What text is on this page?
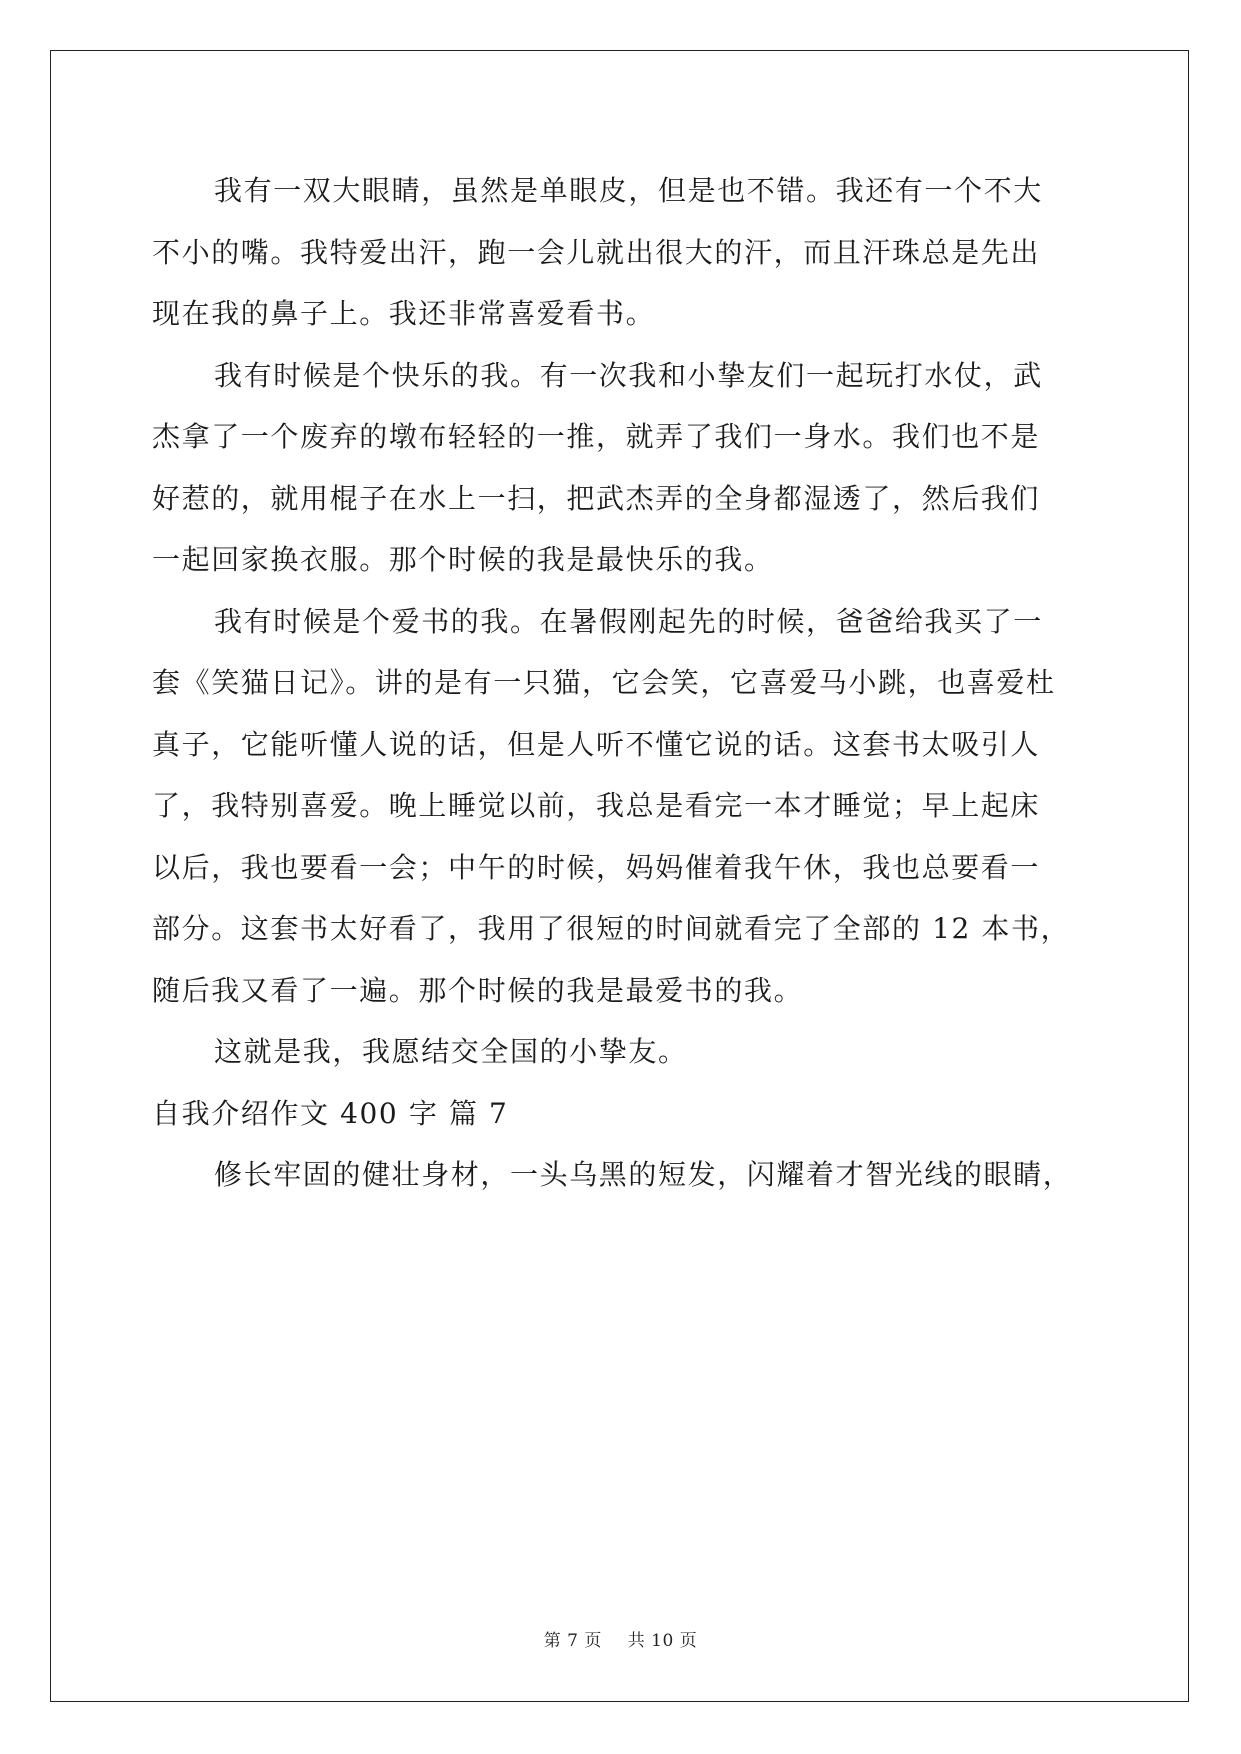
我有一双大眼睛，虽然是单眼皮，但是也不错。我还有一个不大
不小的嘴。我特爱出汗，跑一会儿就出很大的汗，而且汗珠总是先出
现在我的鼻子上。我还非常喜爱看书。
我有时候是个快乐的我。有一次我和小挚友们一起玩打水仗，武
杰拿了一个废弃的墩布轻轻的一推，就弄了我们一身水。我们也不是
好惹的，就用棍子在水上一扫，把武杰弄的全身都湿透了，然后我们
一起回家换衣服。那个时候的我是最快乐的我。
我有时候是个爱书的我。在暑假刚起先的时候，爸爸给我买了一
套《笑猫日记》。讲的是有一只猫，它会笑，它喜爱马小跳，也喜爱杜
真子，它能听懂人说的话，但是人听不懂它说的话。这套书太吸引人
了，我特别喜爱。晚上睡觉以前，我总是看完一本才睡觉；早上起床
以后，我也要看一会；中午的时候，妈妈催着我午休，我也总要看一
部分。这套书太好看了，我用了很短的时间就看完了全部的 12 本书，
随后我又看了一遍。那个时候的我是最爱书的我。
这就是我，我愿结交全国的小挚友。
自我介绍作文 400 字 篇 7
修长牢固的健壮身材，一头乌黑的短发，闪耀着才智光线的眼睛，
第 7 页 共 10 页
